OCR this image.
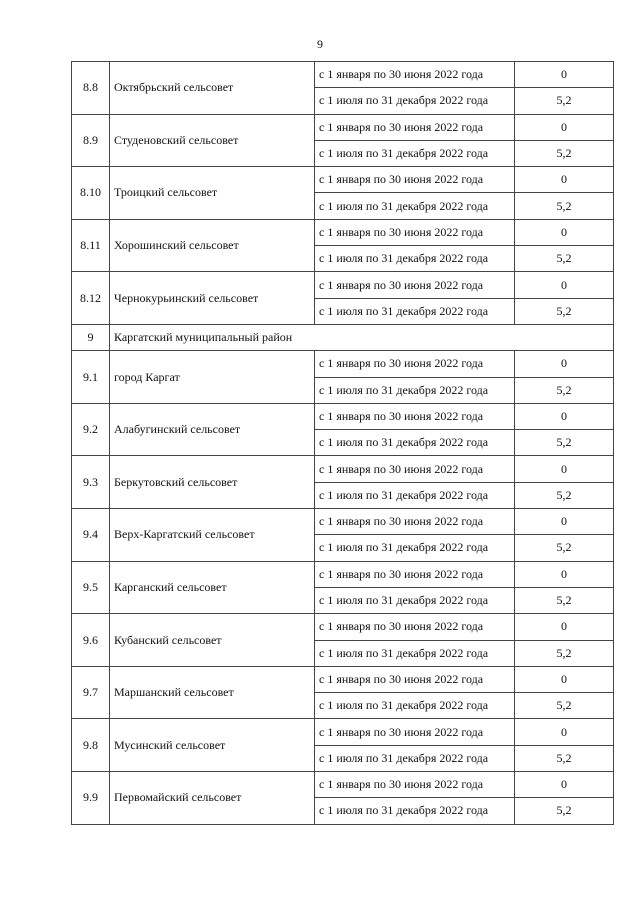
9
8.8	Октябрьский сельсовет	с 1 января по 30 июня 2022 года	0
		с 1 июля по 31 декабря 2022 года	5,2
8.9	Студеновский сельсовет	с 1 января по 30 июня 2022 года	0
		с 1 июля по 31 декабря 2022 года	5,2
8.10	Троицкий сельсовет	с 1 января по 30 июня 2022 года	0
		с 1 июля по 31 декабря 2022 года	5,2
8.11	Хорошинский сельсовет	с 1 января по 30 июня 2022 года	0
		с 1 июля по 31 декабря 2022 года	5,2
8.12	Чернокурьинский сельсовет	с 1 января по 30 июня 2022 года	0
		с 1 июля по 31 декабря 2022 года	5,2
9	Каргатский муниципальный район		
9.1	город Каргат	с 1 января по 30 июня 2022 года	0
		с 1 июля по 31 декабря 2022 года	5,2
9.2	Алабугинский сельсовет	с 1 января по 30 июня 2022 года	0
		с 1 июля по 31 декабря 2022 года	5,2
9.3	Беркутовский сельсовет	с 1 января по 30 июня 2022 года	0
		с 1 июля по 31 декабря 2022 года	5,2
9.4	Верх-Каргатский сельсовет	с 1 января по 30 июня 2022 года	0
		с 1 июля по 31 декабря 2022 года	5,2
9.5	Карганский сельсовет	с 1 января по 30 июня 2022 года	0
		с 1 июля по 31 декабря 2022 года	5,2
9.6	Кубанский сельсовет	с 1 января по 30 июня 2022 года	0
		с 1 июля по 31 декабря 2022 года	5,2
9.7	Маршанский сельсовет	с 1 января по 30 июня 2022 года	0
		с 1 июля по 31 декабря 2022 года	5,2
9.8	Мусинский сельсовет	с 1 января по 30 июня 2022 года	0
		с 1 июля по 31 декабря 2022 года	5,2
9.9	Первомайский сельсовет	с 1 января по 30 июня 2022 года	0
		с 1 июля по 31 декабря 2022 года	5,2
